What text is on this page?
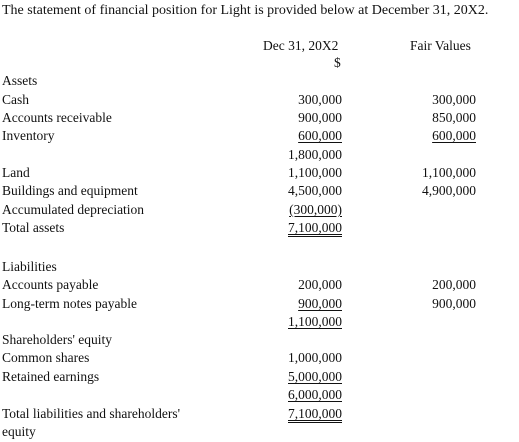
The statement of financial position for Light is provided below at December 31, 20X2.
Dec 31, 20X2
$
Fair Values
Assets
Cash	300,000	300,000
Accounts receivable	900,000	850,000
Inventory	600,000	600,000
1,800,000
Land	1,100,000	1,100,000
Buildings and equipment	4,500,000	4,900,000
Accumulated depreciation	(300,000)
Total assets	7,100,000
Liabilities
Accounts payable	200,000	200,000
Long-term notes payable	900,000	900,000
1,100,000
Shareholders' equity
Common shares	1,000,000
Retained earnings	5,000,000
6,000,000
Total liabilities and shareholders'	7,100,000
equity
